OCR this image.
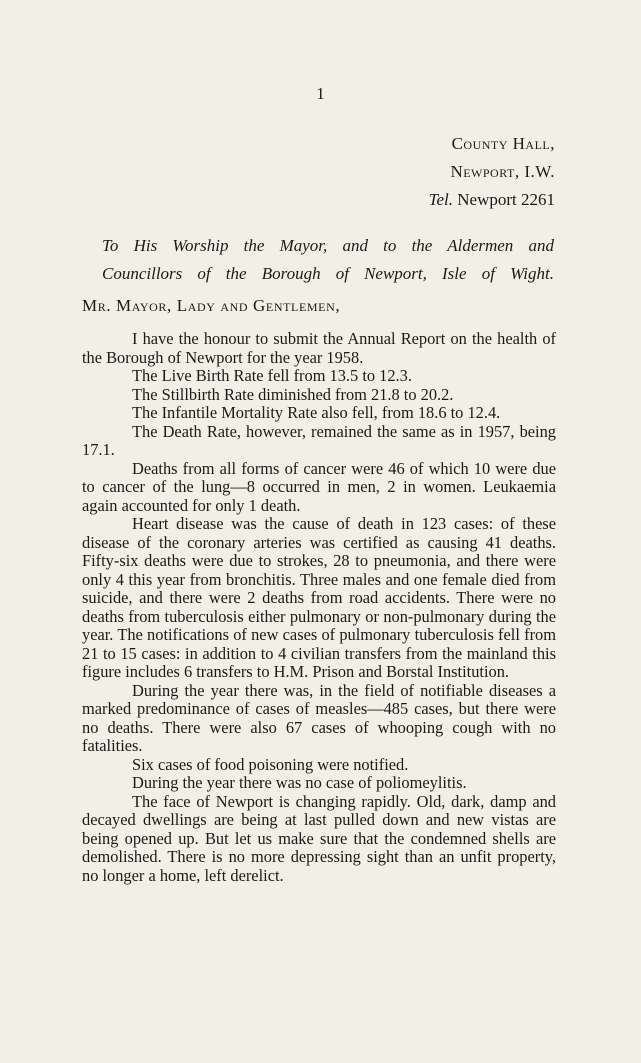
1
County Hall,
Newport, I.W.
Tel. Newport 2261
To His Worship the Mayor, and to the Aldermen and
Councillors of the Borough of Newport, Isle of Wight.
Mr. Mayor, Lady and Gentlemen,

I have the honour to submit the Annual Report on the health of the Borough of Newport for the year 1958.

The Live Birth Rate fell from 13.5 to 12.3.

The Stillbirth Rate diminished from 21.8 to 20.2.

The Infantile Mortality Rate also fell, from 18.6 to 12.4.

The Death Rate, however, remained the same as in 1957, being 17.1.

Deaths from all forms of cancer were 46 of which 10 were due to cancer of the lung—8 occurred in men, 2 in women. Leukaemia again accounted for only 1 death.

Heart disease was the cause of death in 123 cases: of these disease of the coronary arteries was certified as causing 41 deaths. Fifty-six deaths were due to strokes, 28 to pneumonia, and there were only 4 this year from bronchitis. Three males and one female died from suicide, and there were 2 deaths from road accidents. There were no deaths from tuberculosis either pulmonary or non-pulmonary during the year. The notifications of new cases of pulmonary tuberculosis fell from 21 to 15 cases: in addition to 4 civilian transfers from the mainland this figure includes 6 transfers to H.M. Prison and Borstal Institution.

During the year there was, in the field of notifiable diseases a marked predominance of cases of measles—485 cases, but there were no deaths. There were also 67 cases of whooping cough with no fatalities.

Six cases of food poisoning were notified.

During the year there was no case of poliomeylitis.

The face of Newport is changing rapidly. Old, dark, damp and decayed dwellings are being at last pulled down and new vistas are being opened up. But let us make sure that the condemned shells are demolished. There is no more depressing sight than an unfit property, no longer a home, left derelict.
